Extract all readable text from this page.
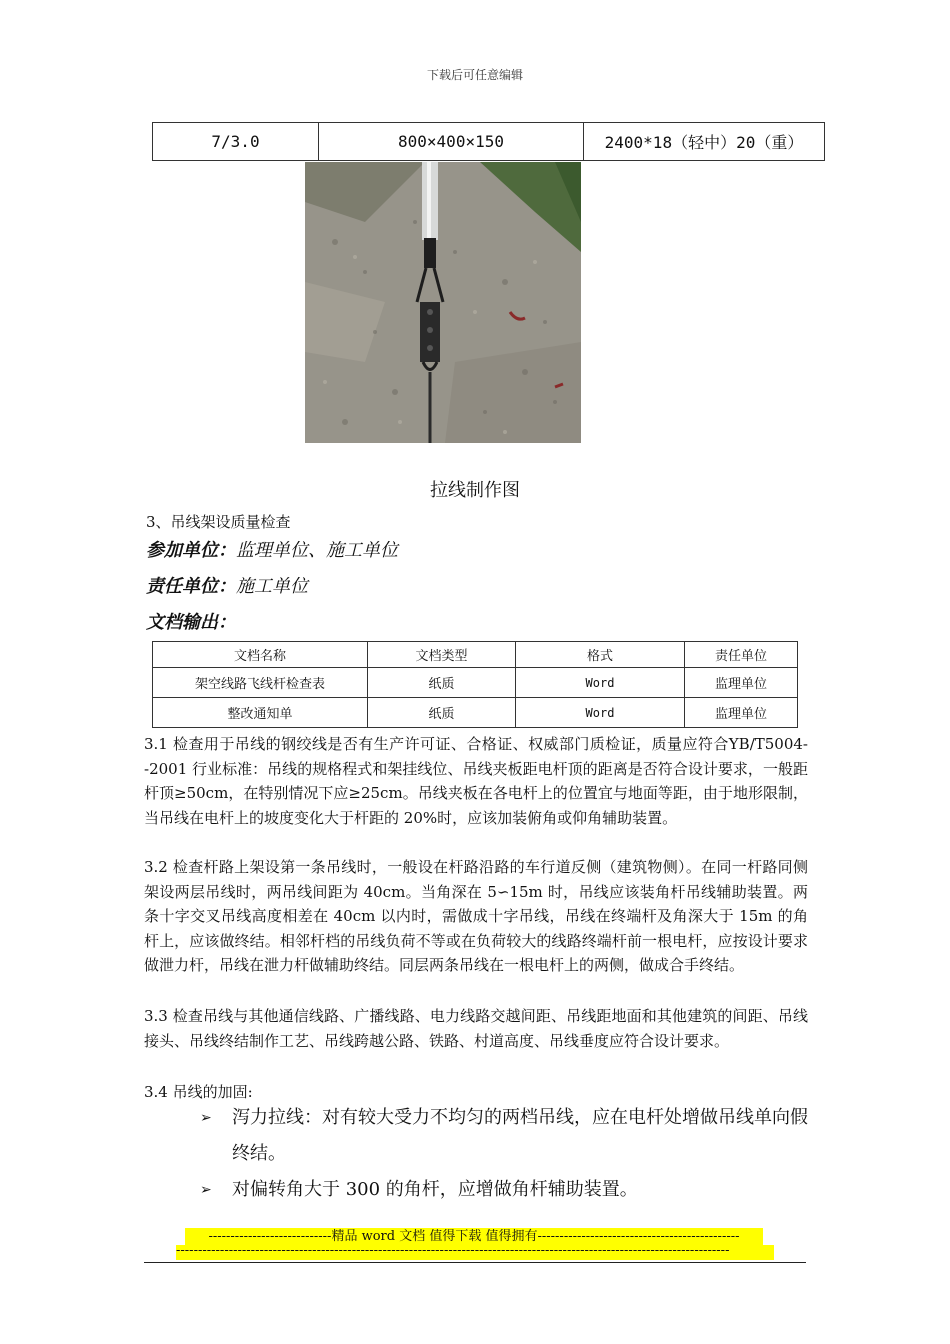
下载后可任意编辑
7/3.0	800×400×150	2400*18（轻中）20（重）
拉线制作图
3、吊线架设质量检查
参加单位：监理单位、施工单位
责任单位：施工单位
文档输出：
文档名称	文档类型	格式	责任单位
架空线路飞线杆检查表	纸质	Word	监理单位
整改通知单	纸质	Word	监理单位
3.1 检查用于吊线的钢绞线是否有生产许可证、合格证、权威部门质检证，质量应符合YB/T5004--2001 行业标准：吊线的规格程式和架挂线位、吊线夹板距电杆顶的距离是否符合设计要求，一般距杆顶≥50cm，在特别情况下应≥25cm。吊线夹板在各电杆上的位置宜与地面等距，由于地形限制，当吊线在电杆上的坡度变化大于杆距的 20%时，应该加装俯角或仰角辅助装置。
3.2 检查杆路上架设第一条吊线时，一般设在杆路沿路的车行道反侧（建筑物侧）。在同一杆路同侧架设两层吊线时，两吊线间距为 40cm。当角深在 5∽15m 时，吊线应该装角杆吊线辅助装置。两条十字交叉吊线高度相差在 40cm 以内时，需做成十字吊线，吊线在终端杆及角深大于 15m 的角杆上，应该做终结。相邻杆档的吊线负荷不等或在负荷较大的线路终端杆前一根电杆，应按设计要求做泄力杆，吊线在泄力杆做辅助终结。同层两条吊线在一根电杆上的两侧，做成合手终结。
3.3 检查吊线与其他通信线路、广播线路、电力线路交越间距、吊线距地面和其他建筑的间距、吊线接头、吊线终结制作工艺、吊线跨越公路、铁路、村道高度、吊线垂度应符合设计要求。
3.4 吊线的加固:
➢	泻力拉线：对有较大受力不均匀的两档吊线，应在电杆处增做吊线单向假终结。
➢	对偏转角大于 300 的角杆，应增做角杆辅助装置。
----------------------------精品 word 文档 值得下载 值得拥有----------------------------------------------
------------------------------------------------------------------------------------------------------------------------------
